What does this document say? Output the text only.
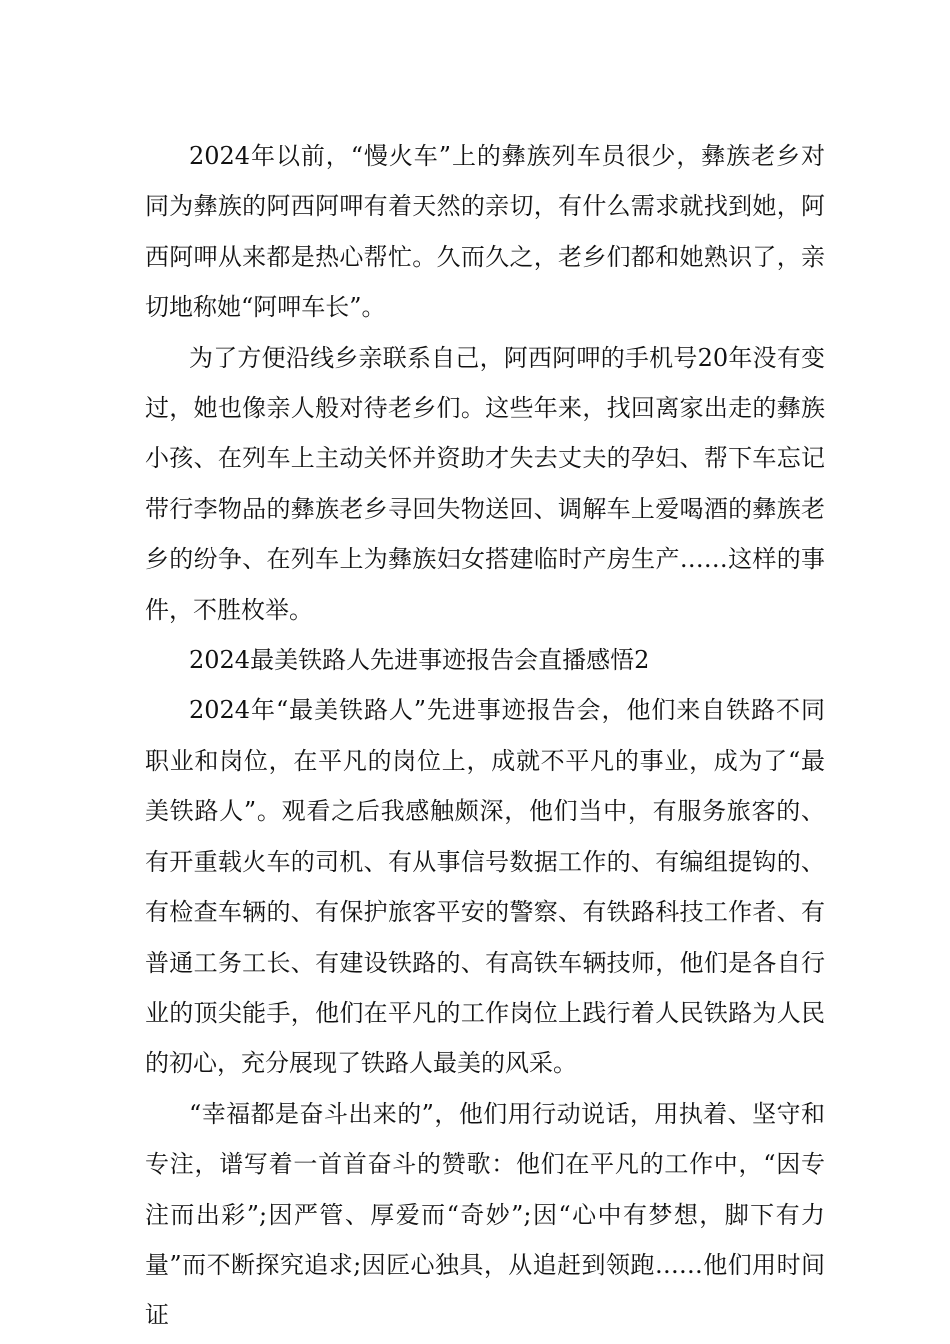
2024年以前，“慢火车”上的彝族列车员很少，彝族老乡对同为彝族的阿西阿呷有着天然的亲切，有什么需求就找到她，阿西阿呷从来都是热心帮忙。久而久之，老乡们都和她熟识了，亲切地称她“阿呷车长”。

为了方便沿线乡亲联系自己，阿西阿呷的手机号20年没有变过，她也像亲人般对待老乡们。这些年来，找回离家出走的彝族小孩、在列车上主动关怀并资助才失去丈夫的孕妇、帮下车忘记带行李物品的彝族老乡寻回失物送回、调解车上爱喝酒的彝族老乡的纷争、在列车上为彝族妇女搭建临时产房生产……这样的事件，不胜枚举。

2024最美铁路人先进事迹报告会直播感悟2

2024年“最美铁路人”先进事迹报告会，他们来自铁路不同职业和岗位，在平凡的岗位上，成就不平凡的事业，成为了“最美铁路人”。观看之后我感触颇深，他们当中，有服务旅客的、有开重载火车的司机、有从事信号数据工作的、有编组提钩的、有检查车辆的、有保护旅客平安的警察、有铁路科技工作者、有普通工务工长、有建设铁路的、有高铁车辆技师，他们是各自行业的顶尖能手，他们在平凡的工作岗位上践行着人民铁路为人民的初心，充分展现了铁路人最美的风采。

“幸福都是奋斗出来的”，他们用行动说话，用执着、坚守和专注，谱写着一首首奋斗的赞歌：他们在平凡的工作中，“因专注而出彩”;因严管、厚爱而“奇妙”;因“心中有梦想，脚下有力量”而不断探究追求;因匠心独具，从追赶到领跑……他们用时间证
